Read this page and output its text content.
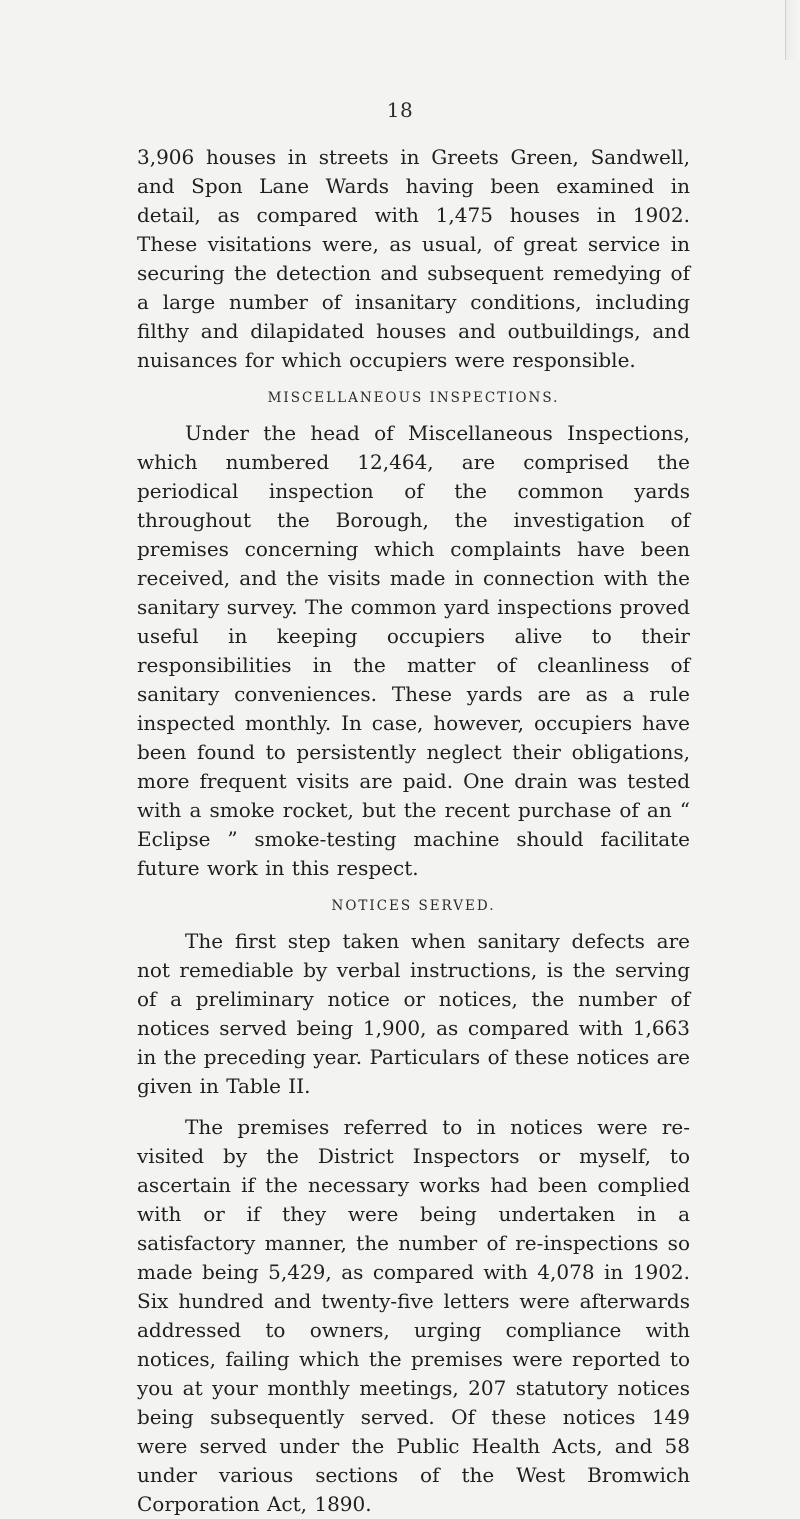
18

3,906 houses in streets in Greets Green, Sandwell, and Spon Lane Wards having been examined in detail, as compared with 1,475 houses in 1902. These visitations were, as usual, of great service in securing the detection and subsequent remedying of a large number of insanitary conditions, including filthy and dilapidated houses and outbuildings, and nuisances for which occupiers were responsible.

MISCELLANEOUS INSPECTIONS.

Under the head of Miscellaneous Inspections, which numbered 12,464, are comprised the periodical inspection of the common yards throughout the Borough, the investigation of premises concerning which complaints have been received, and the visits made in connection with the sanitary survey. The common yard inspections proved useful in keeping occupiers alive to their responsibilities in the matter of cleanliness of sanitary conveniences. These yards are as a rule inspected monthly. In case, however, occupiers have been found to persistently neglect their obligations, more frequent visits are paid. One drain was tested with a smoke rocket, but the recent purchase of an “ Eclipse ” smoke-testing machine should facilitate future work in this respect.

NOTICES SERVED.

The first step taken when sanitary defects are not remediable by verbal instructions, is the serving of a preliminary notice or notices, the number of notices served being 1,900, as compared with 1,663 in the preceding year. Particulars of these notices are given in Table II.

The premises referred to in notices were re-visited by the District Inspectors or myself, to ascertain if the necessary works had been complied with or if they were being undertaken in a satisfactory manner, the number of re-inspections so made being 5,429, as compared with 4,078 in 1902. Six hundred and twenty-five letters were afterwards addressed to owners, urging compliance with notices, failing which the premises were reported to you at your monthly meetings, 207 statutory notices being subsequently served. Of these notices 149 were served under the Public Health Acts, and 58 under various sections of the West Bromwich Corporation Act, 1890.
